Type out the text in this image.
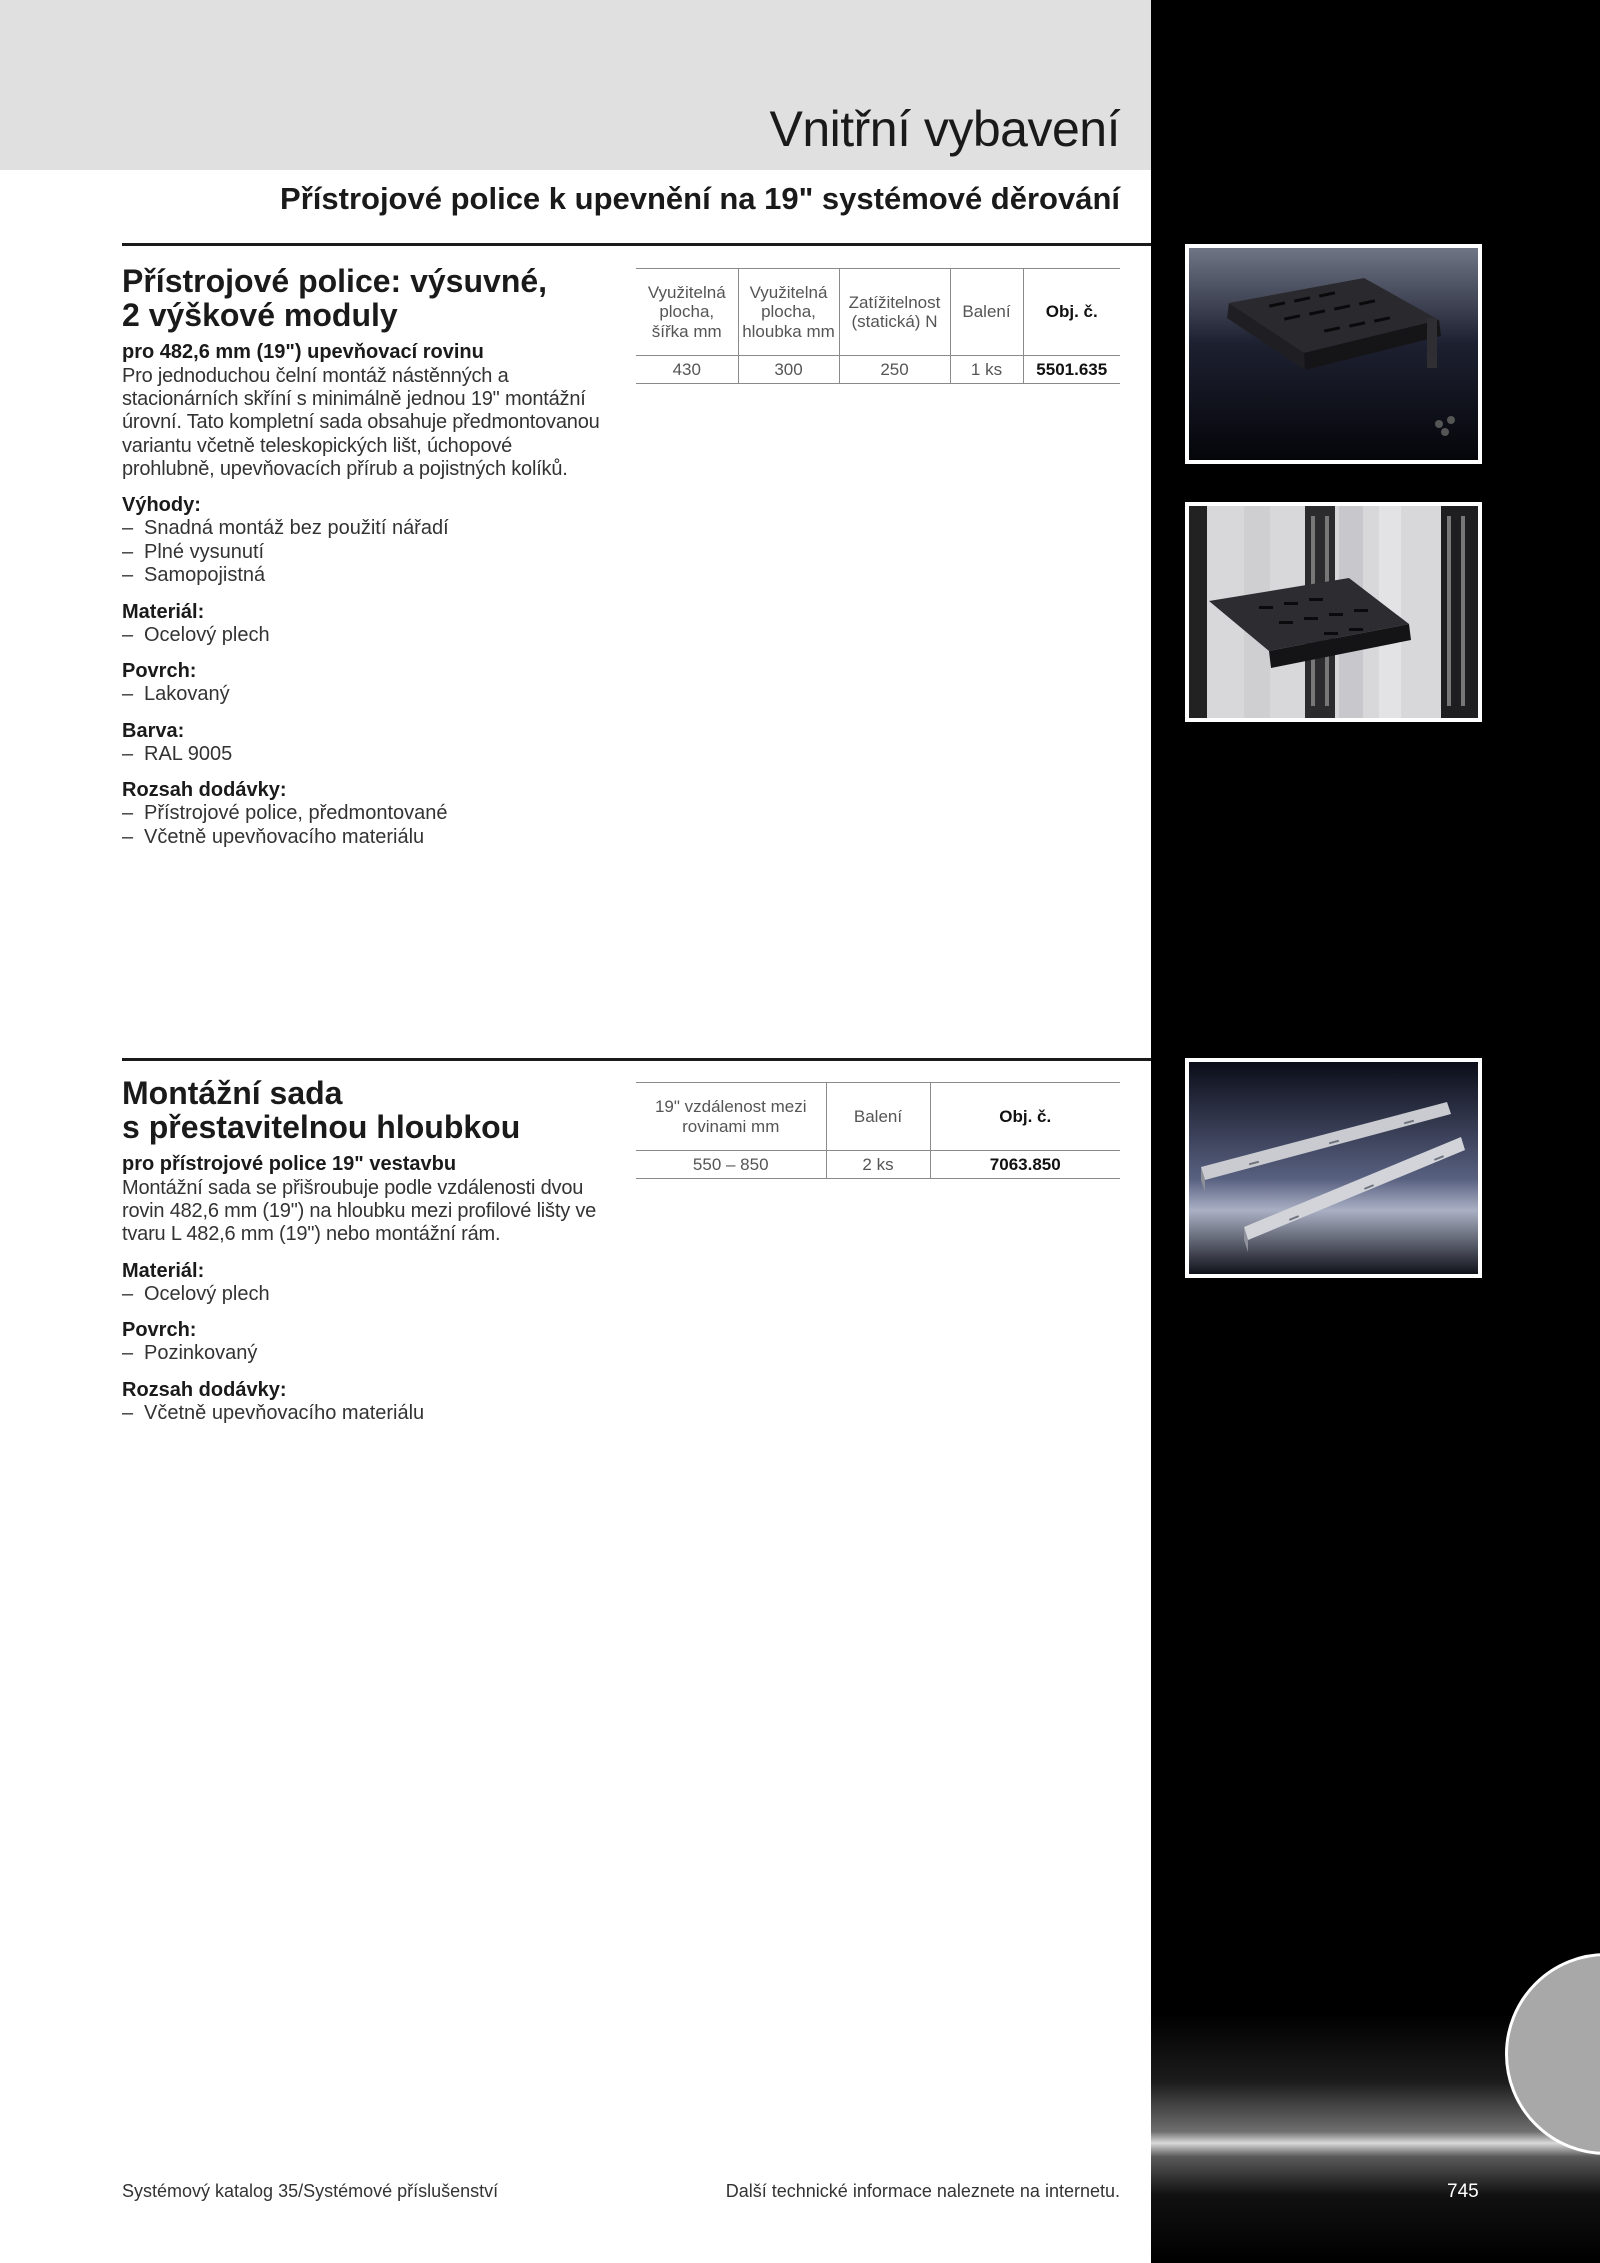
Vnitřní vybavení
Přístrojové police k upevnění na 19" systémové děrování
Přístrojové police: výsuvné,
2 výškové moduly
pro 482,6 mm (19") upevňovací rovinu
Pro jednoduchou čelní montáž nástěnných a stacionárních skříní s minimálně jednou 19" montážní úrovní. Tato kompletní sada obsahuje předmontovanou variantu včetně teleskopických lišt, úchopové prohlubně, upevňovacích přírub a pojistných kolíků.
Výhody:
– Snadná montáž bez použití nářadí
– Plné vysunutí
– Samopojistná
Materiál:
– Ocelový plech
Povrch:
– Lakovaný
Barva:
– RAL 9005
Rozsah dodávky:
– Přístrojové police, předmontované
– Včetně upevňovacího materiálu
Využitelná plocha, šířka mm	Využitelná plocha, hloubka mm	Zatížitelnost (statická) N	Balení	Obj. č.
430	300	250	1 ks	5501.635
Montážní sada
s přestavitelnou hloubkou
pro přístrojové police 19" vestavbu
Montážní sada se přišroubuje podle vzdálenosti dvou rovin 482,6 mm (19") na hloubku mezi profilové lišty ve tvaru L 482,6 mm (19") nebo montážní rám.
Materiál:
– Ocelový plech
Povrch:
– Pozinkovaný
Rozsah dodávky:
– Včetně upevňovacího materiálu
19" vzdálenost mezi rovinami mm	Balení	Obj. č.
550 – 850	2 ks	7063.850
Systémový katalog 35/Systémové příslušenství	Další technické informace naleznete na internetu.	745
